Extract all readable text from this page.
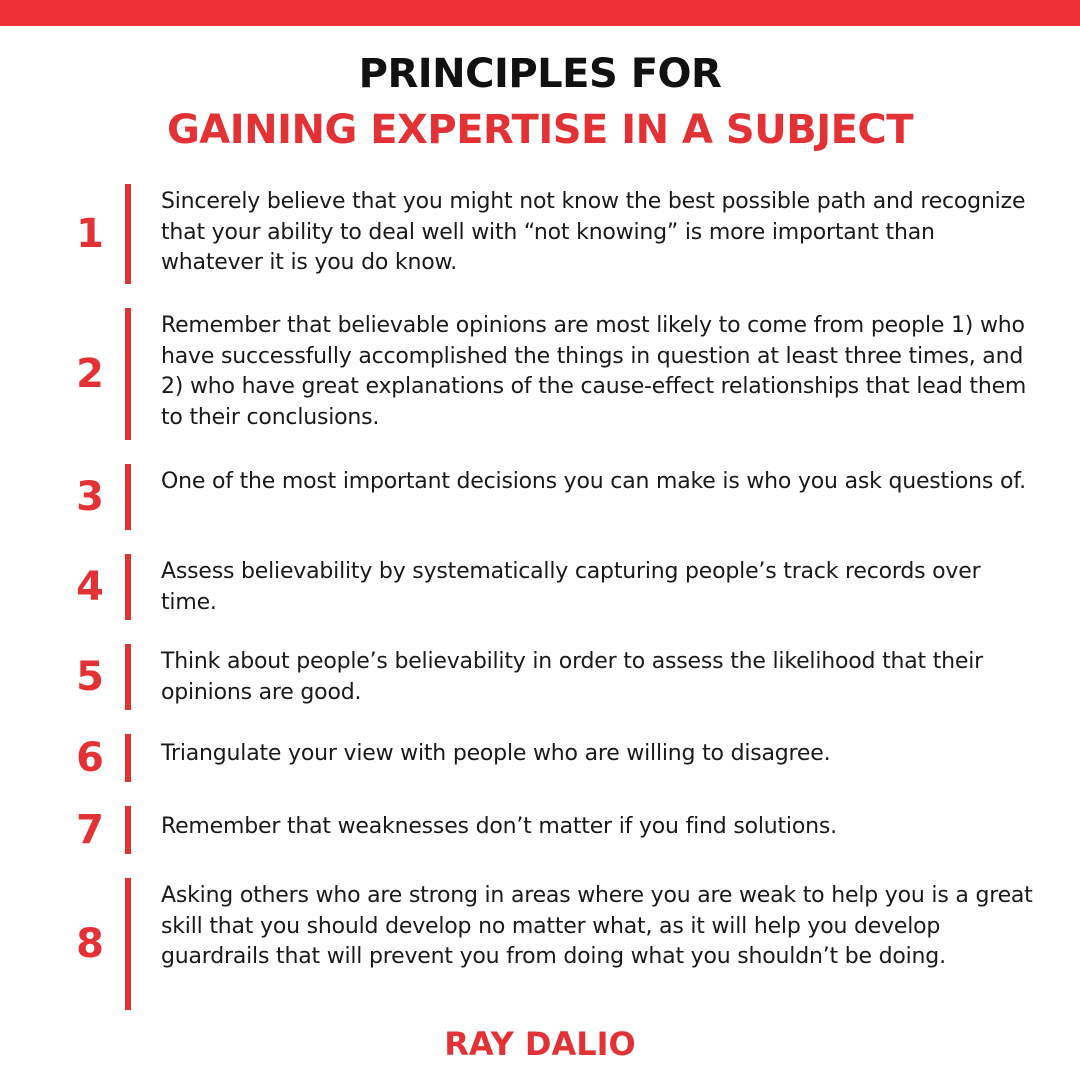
PRINCIPLES FOR
GAINING EXPERTISE IN A SUBJECT
1
Sincerely believe that you might not know the best possible path and recognize that your ability to deal well with “not knowing” is more important than whatever it is you do know.
2
Remember that believable opinions are most likely to come from people 1) who have successfully accomplished the things in question at least three times, and 2) who have great explanations of the cause-effect relationships that lead them to their conclusions.
3	One of the most important decisions you can make is who you ask questions of.
4	Assess believability by systematically capturing people’s track records over time.
5	Think about people’s believability in order to assess the likelihood that their opinions are good.
6	Triangulate your view with people who are willing to disagree.
7	Remember that weaknesses don’t matter if you find solutions.
8
Asking others who are strong in areas where you are weak to help you is a great skill that you should develop no matter what, as it will help you develop guardrails that will prevent you from doing what you shouldn’t be doing.
RAY DALIO
